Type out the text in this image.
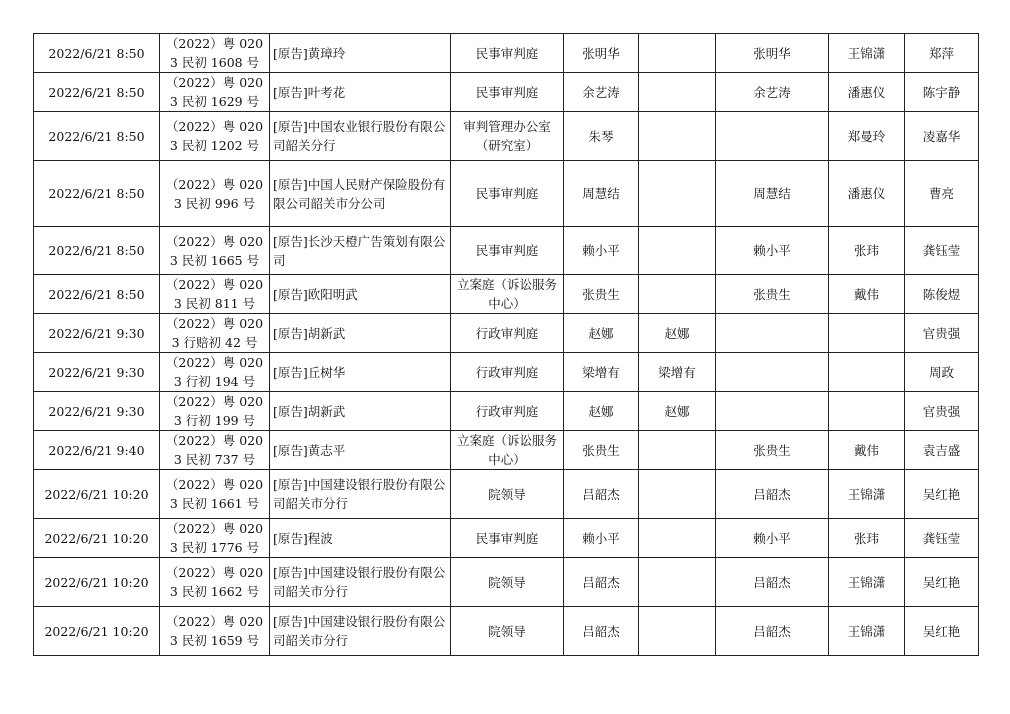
2022/6/21 8:50	（2022）粤 0203 民初 1608 号	[原告]黄璋玲	民事审判庭	张明华		张明华	王锦潇	郑萍
2022/6/21 8:50	（2022）粤 0203 民初 1629 号	[原告]叶考花	民事审判庭	余艺涛		余艺涛	潘惠仪	陈宇静
2022/6/21 8:50	（2022）粤 0203 民初 1202 号	[原告]中国农业银行股份有限公司韶关分行	审判管理办公室（研究室）	朱琴			郑曼玲	凌嘉华
2022/6/21 8:50	（2022）粤 0203 民初 996 号	[原告]中国人民财产保险股份有限公司韶关市分公司	民事审判庭	周慧结		周慧结	潘惠仪	曹亮
2022/6/21 8:50	（2022）粤 0203 民初 1665 号	[原告]长沙天橙广告策划有限公司	民事审判庭	赖小平		赖小平	张玮	龚钰莹
2022/6/21 8:50	（2022）粤 0203 民初 811 号	[原告]欧阳明武	立案庭（诉讼服务中心）	张贵生		张贵生	戴伟	陈俊煜
2022/6/21 9:30	（2022）粤 0203 行赔初 42 号	[原告]胡新武	行政审判庭	赵娜	赵娜			官贵强
2022/6/21 9:30	（2022）粤 0203 行初 194 号	[原告]丘树华	行政审判庭	梁增有	梁增有			周政
2022/6/21 9:30	（2022）粤 0203 行初 199 号	[原告]胡新武	行政审判庭	赵娜	赵娜			官贵强
2022/6/21 9:40	（2022）粤 0203 民初 737 号	[原告]黄志平	立案庭（诉讼服务中心）	张贵生		张贵生	戴伟	袁吉盛
2022/6/21 10:20	（2022）粤 0203 民初 1661 号	[原告]中国建设银行股份有限公司韶关市分行	院领导	吕韶杰		吕韶杰	王锦潇	吴红艳
2022/6/21 10:20	（2022）粤 0203 民初 1776 号	[原告]程波	民事审判庭	赖小平		赖小平	张玮	龚钰莹
2022/6/21 10:20	（2022）粤 0203 民初 1662 号	[原告]中国建设银行股份有限公司韶关市分行	院领导	吕韶杰		吕韶杰	王锦潇	吴红艳
2022/6/21 10:20	（2022）粤 0203 民初 1659 号	[原告]中国建设银行股份有限公司韶关市分行	院领导	吕韶杰		吕韶杰	王锦潇	吴红艳
